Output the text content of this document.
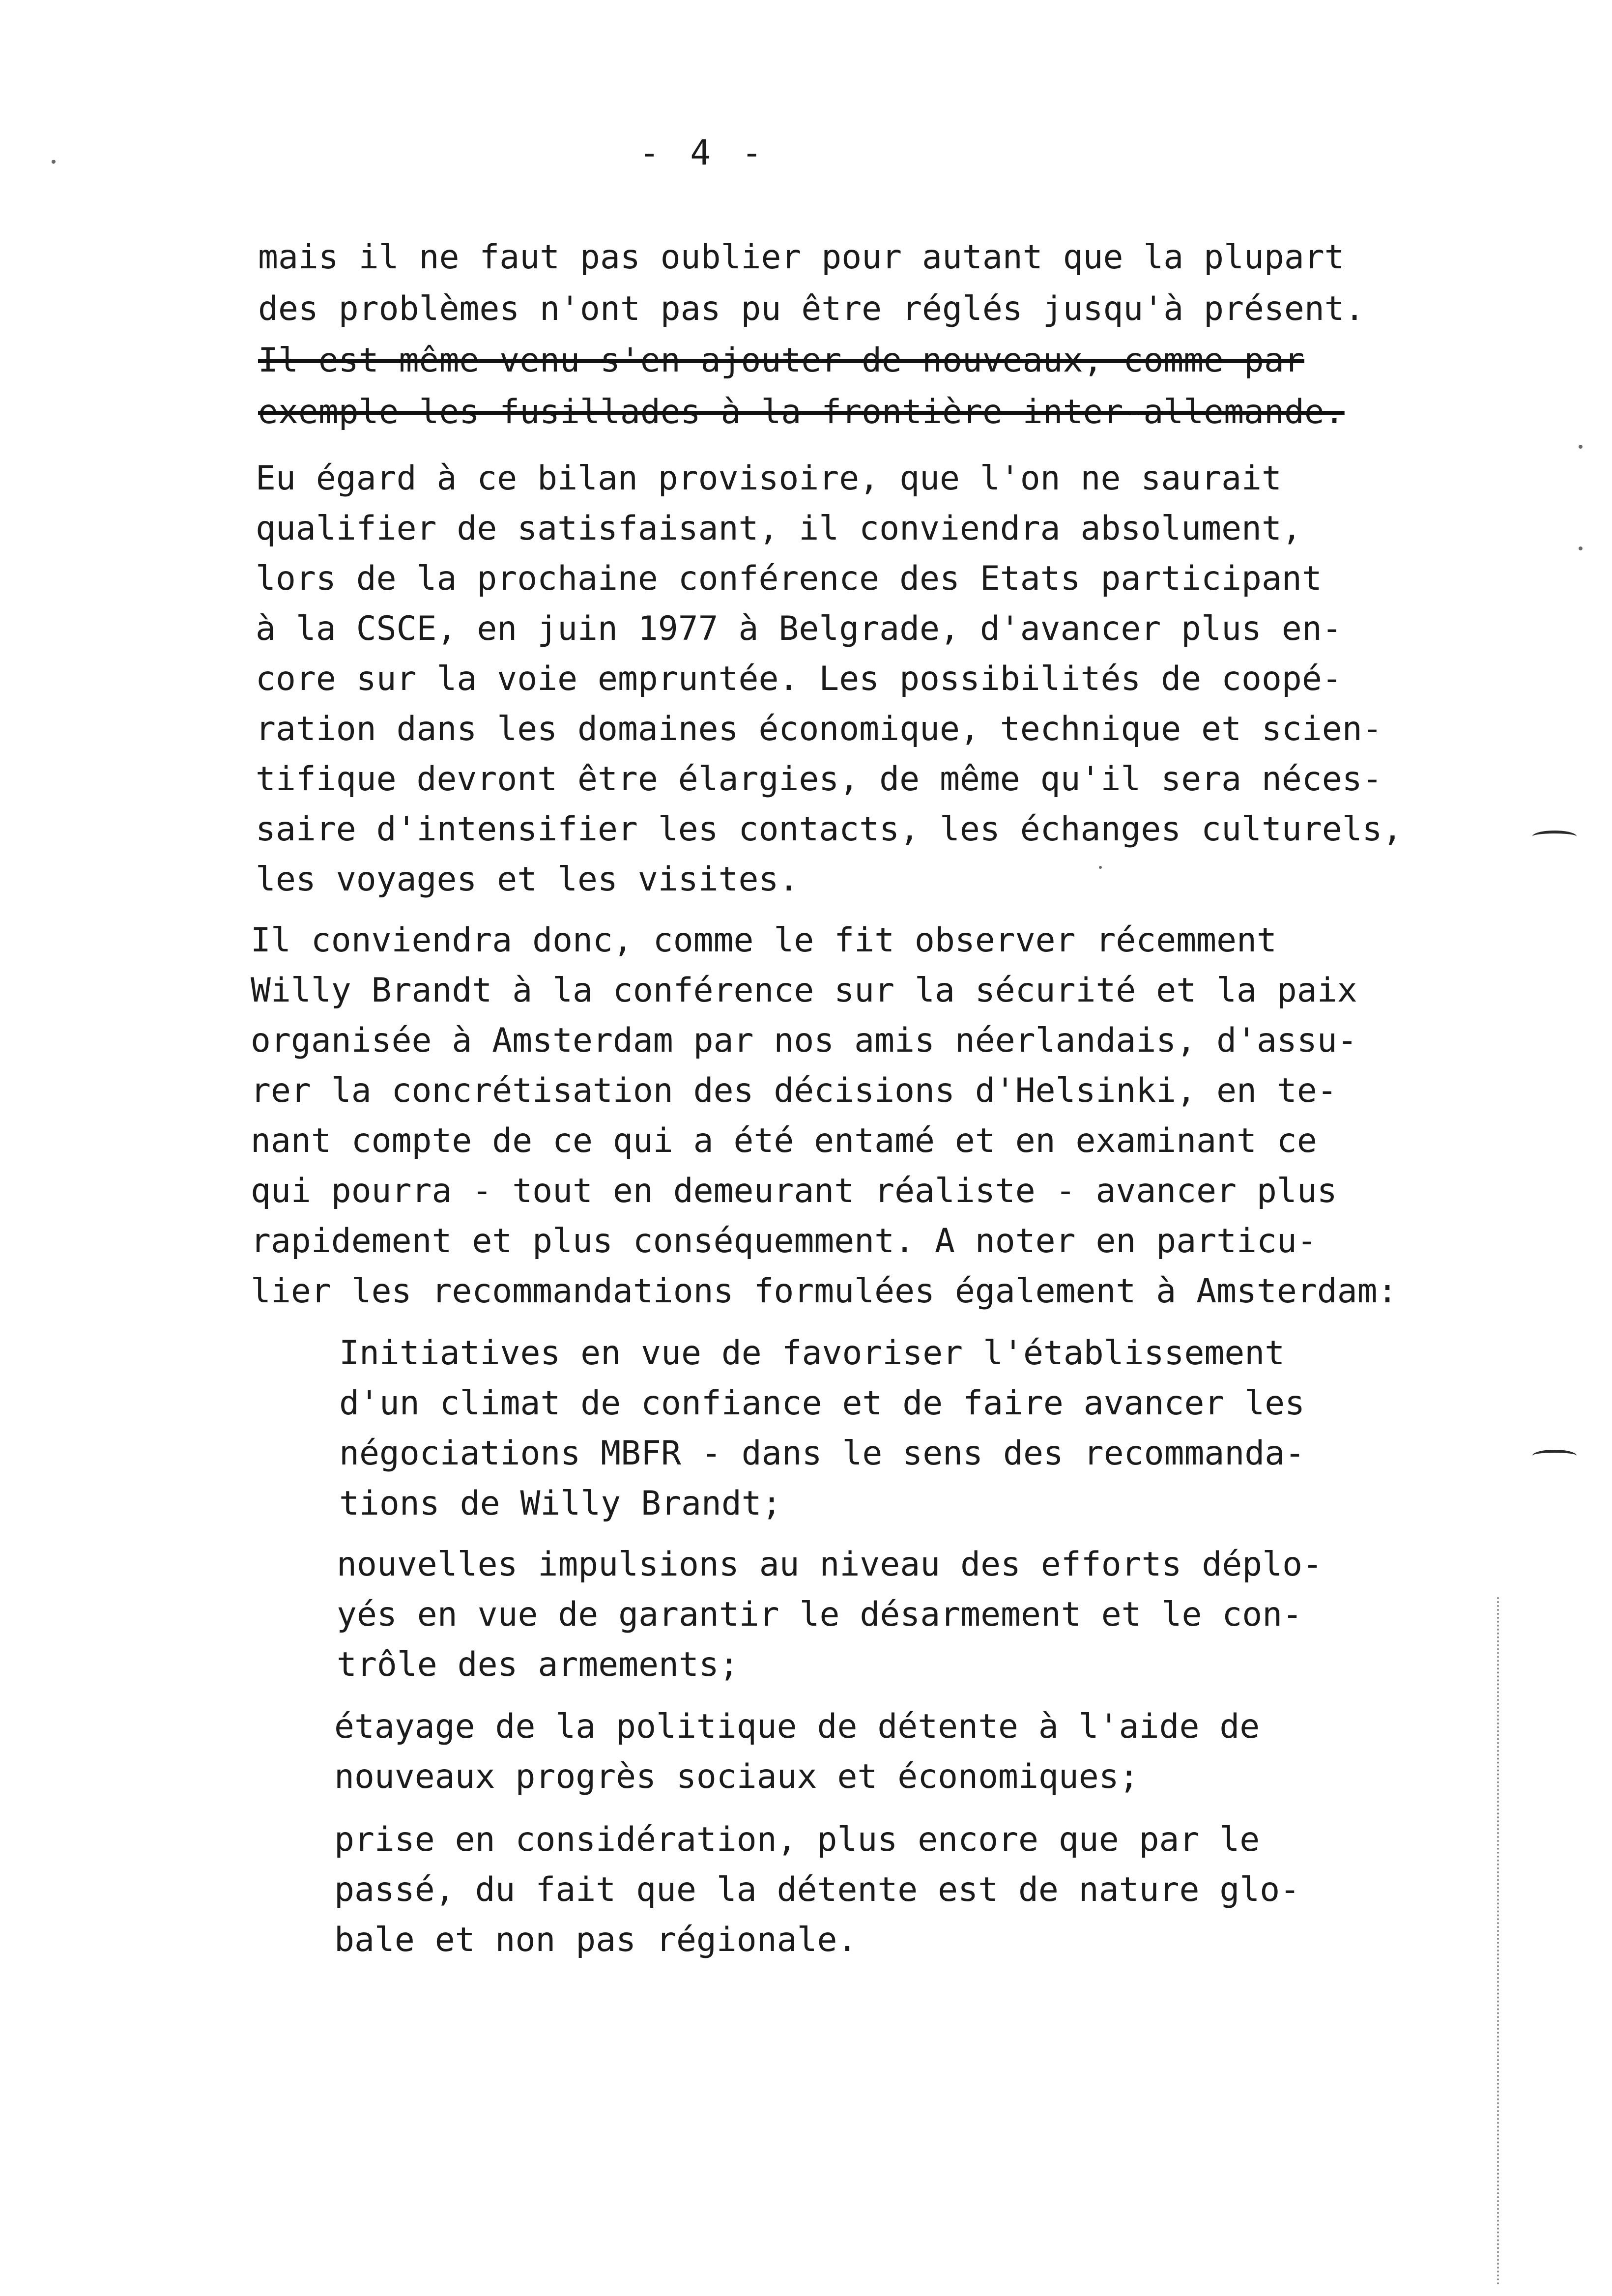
- 4 -
mais il ne faut pas oublier pour autant que la plupart
des problèmes n'ont pas pu être réglés jusqu'à présent.
Il est même venu s'en ajouter de nouveaux, comme par
exemple les fusillades à la frontière inter-allemande.
Eu égard à ce bilan provisoire, que l'on ne saurait
qualifier de satisfaisant, il conviendra absolument,
lors de la prochaine conférence des Etats participant
à la CSCE, en juin 1977 à Belgrade, d'avancer plus en-
core sur la voie empruntée. Les possibilités de coopé-
ration dans les domaines économique, technique et scien-
tifique devront être élargies, de même qu'il sera néces-
saire d'intensifier les contacts, les échanges culturels,
les voyages et les visites.
Il conviendra donc, comme le fit observer récemment
Willy Brandt à la conférence sur la sécurité et la paix
organisée à Amsterdam par nos amis néerlandais, d'assu-
rer la concrétisation des décisions d'Helsinki, en te-
nant compte de ce qui a été entamé et en examinant ce
qui pourra - tout en demeurant réaliste - avancer plus
rapidement et plus conséquemment. A noter en particu-
lier les recommandations formulées également à Amsterdam:
Initiatives en vue de favoriser l'établissement
d'un climat de confiance et de faire avancer les
négociations MBFR - dans le sens des recommanda-
tions de Willy Brandt;
nouvelles impulsions au niveau des efforts déplo-
yés en vue de garantir le désarmement et le con-
trôle des armements;
étayage de la politique de détente à l'aide de
nouveaux progrès sociaux et économiques;
prise en considération, plus encore que par le
passé, du fait que la détente est de nature glo-
bale et non pas régionale.
